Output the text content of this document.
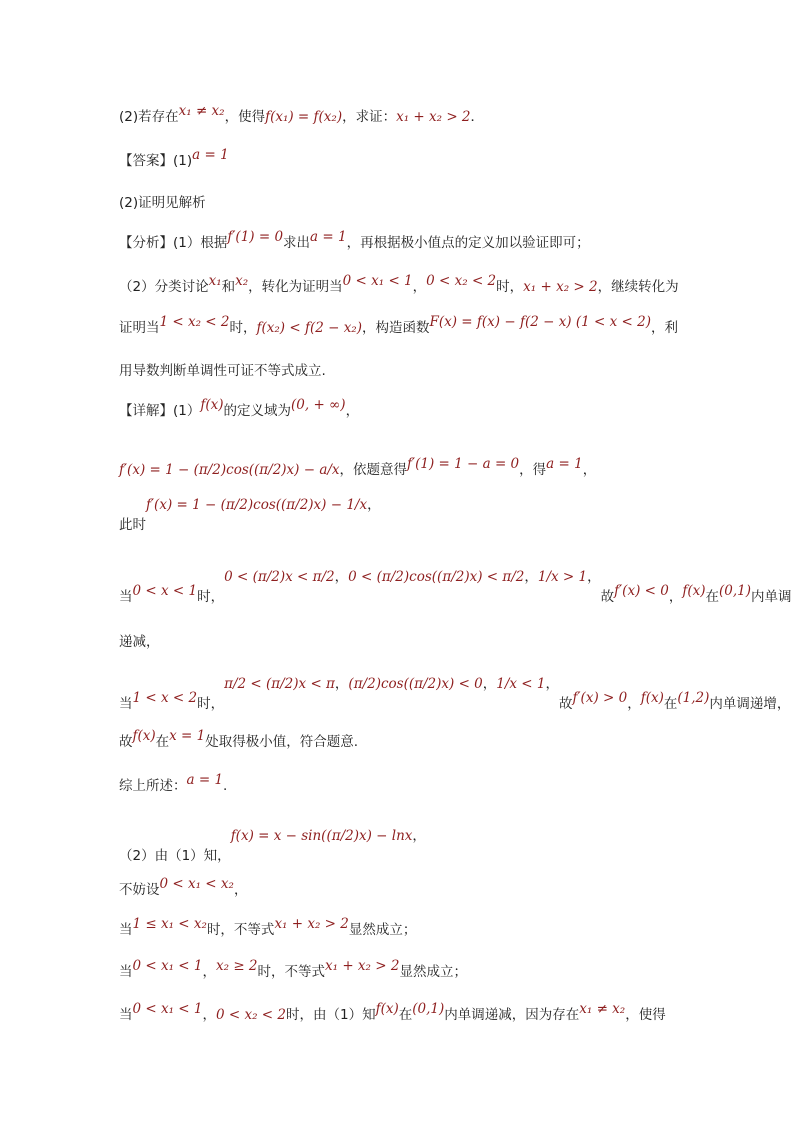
(2)若存在x₁ ≠ x₂，使得f(x₁) = f(x₂)，求证：x₁ + x₂ > 2．
【答案】(1)a = 1
(2)证明见解析
【分析】(1）根据f′(1) = 0求出a = 1，再根据极小值点的定义加以验证即可；
（2）分类讨论x₁和x₂，转化为证明当0 < x₁ < 1，0 < x₂ < 2时，x₁ + x₂ > 2，继续转化为
证明当1 < x₂ < 2时，f(x₂) < f(2 − x₂)，构造函数F(x) = f(x) − f(2 − x) (1 < x < 2)，利
用导数判断单调性可证不等式成立.
【详解】(1）f(x)的定义域为(0, + ∞)，
f′(x) = 1 − (π/2)cos((π/2)x) − a/x，依题意得f′(1) = 1 − a = 0，得a = 1，
此时f′(x) = 1 − (π/2)cos((π/2)x) − 1/x，
当0 < x < 1时，0 < (π/2)x < π/2，0 < (π/2)cos((π/2)x) < π/2，1/x > 1，故f′(x) < 0，f(x)在(0,1)内单调
递减，
当1 < x < 2时，π/2 < (π/2)x < π，(π/2)cos((π/2)x) < 0，1/x < 1，故f′(x) > 0，f(x)在(1,2)内单调递增，
故f(x)在x = 1处取得极小值，符合题意.
综上所述：a = 1.
（2）由（1）知，f(x) = x − sin((π/2)x) − lnx，
不妨设0 < x₁ < x₂，
当1 ≤ x₁ < x₂时，不等式x₁ + x₂ > 2显然成立；
当0 < x₁ < 1，x₂ ≥ 2时，不等式x₁ + x₂ > 2显然成立；
当0 < x₁ < 1，0 < x₂ < 2时，由（1）知f(x)在(0,1)内单调递减，因为存在x₁ ≠ x₂，使得
